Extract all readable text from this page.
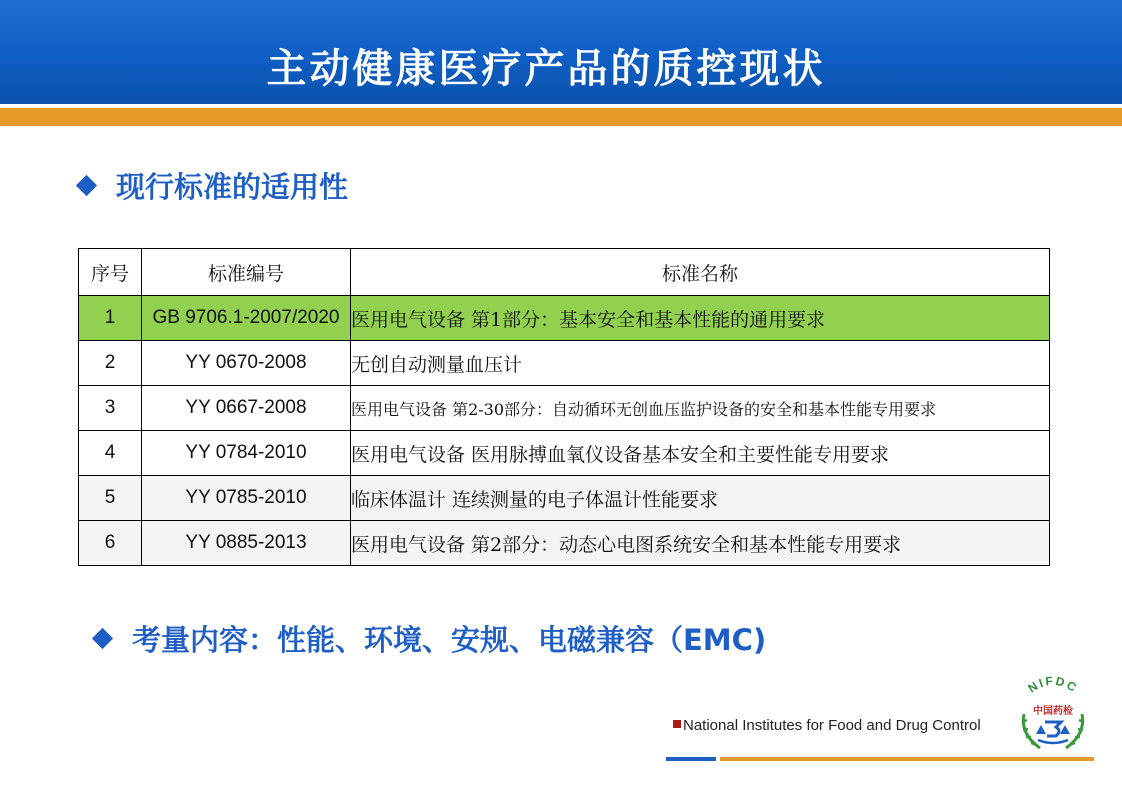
主动健康医疗产品的质控现状
现行标准的适用性
序号	标准编号	标准名称
1	GB 9706.1-2007/2020	医用电气设备 第1部分：基本安全和基本性能的通用要求
2	YY 0670-2008	无创自动测量血压计
3	YY 0667-2008	医用电气设备 第2-30部分：自动循环无创血压监护设备的安全和基本性能专用要求
4	YY 0784-2010	医用电气设备 医用脉搏血氧仪设备基本安全和主要性能专用要求
5	YY 0785-2010	临床体温计 连续测量的电子体温计性能要求
6	YY 0885-2013	医用电气设备 第2部分：动态心电图系统安全和基本性能专用要求
考量内容：性能、环境、安规、电磁兼容（EMC)
National Institutes for Food and Drug Control
NIFDC
中国药检
